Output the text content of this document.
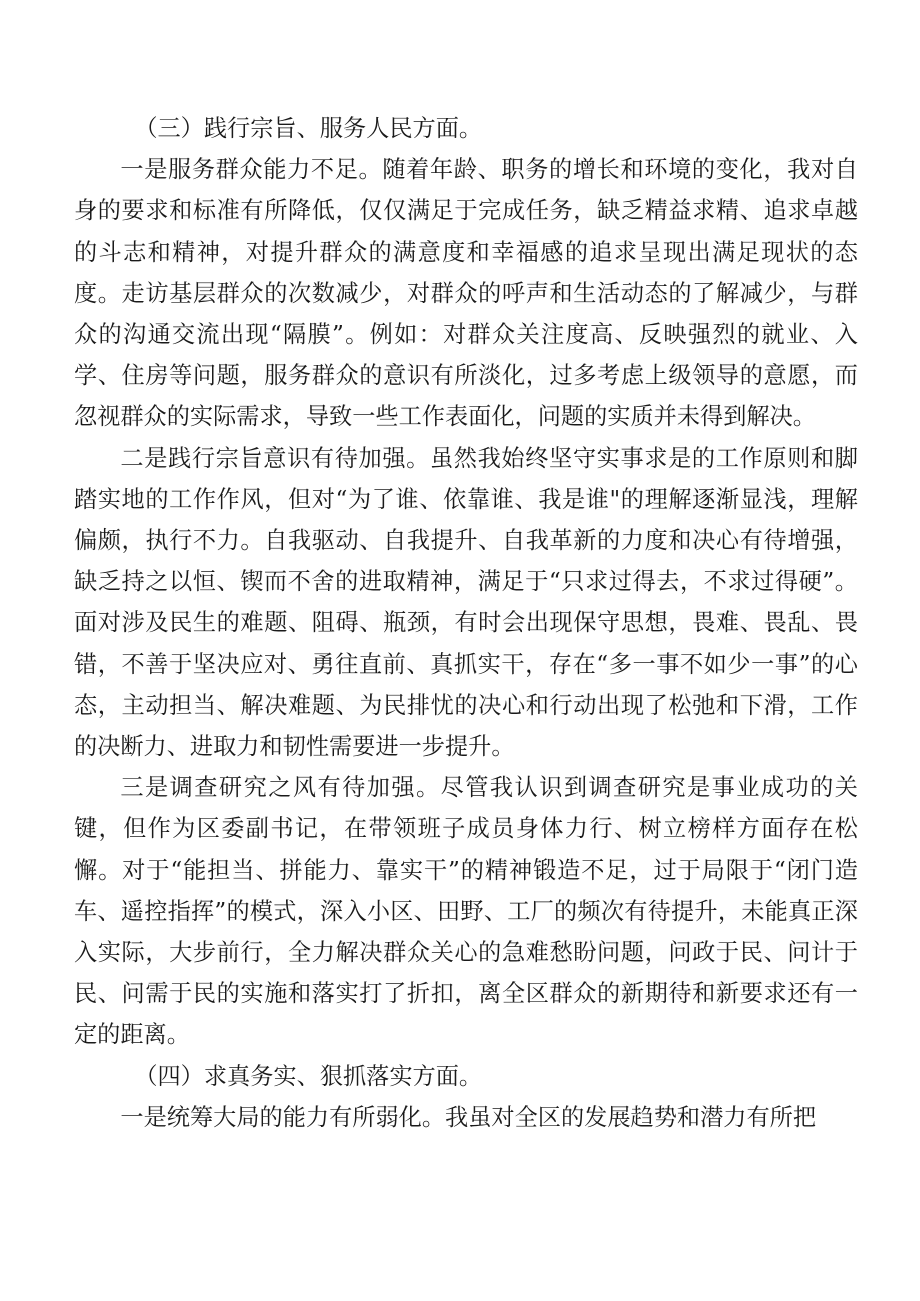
（三）践行宗旨、服务人民方面。

一是服务群众能力不足。随着年龄、职务的增长和环境的变化，我对自身的要求和标准有所降低，仅仅满足于完成任务，缺乏精益求精、追求卓越的斗志和精神，对提升群众的满意度和幸福感的追求呈现出满足现状的态度。走访基层群众的次数减少，对群众的呼声和生活动态的了解减少，与群众的沟通交流出现“隔膜”。例如：对群众关注度高、反映强烈的就业、入学、住房等问题，服务群众的意识有所淡化，过多考虑上级领导的意愿，而忽视群众的实际需求，导致一些工作表面化，问题的实质并未得到解决。

二是践行宗旨意识有待加强。虽然我始终坚守实事求是的工作原则和脚踏实地的工作作风，但对“为了谁、依靠谁、我是谁"的理解逐渐显浅，理解偏颇，执行不力。自我驱动、自我提升、自我革新的力度和决心有待增强，缺乏持之以恒、锲而不舍的进取精神，满足于“只求过得去，不求过得硬”。面对涉及民生的难题、阻碍、瓶颈，有时会出现保守思想，畏难、畏乱、畏错，不善于坚决应对、勇往直前、真抓实干，存在“多一事不如少一事”的心态，主动担当、解决难题、为民排忧的决心和行动出现了松弛和下滑，工作的决断力、进取力和韧性需要进一步提升。

三是调查研究之风有待加强。尽管我认识到调查研究是事业成功的关键，但作为区委副书记，在带领班子成员身体力行、树立榜样方面存在松懈。对于“能担当、拼能力、靠实干”的精神锻造不足，过于局限于“闭门造车、遥控指挥”的模式，深入小区、田野、工厂的频次有待提升，未能真正深入实际，大步前行，全力解决群众关心的急难愁盼问题，问政于民、问计于民、问需于民的实施和落实打了折扣，离全区群众的新期待和新要求还有一定的距离。

（四）求真务实、狠抓落实方面。

一是统筹大局的能力有所弱化。我虽对全区的发展趋势和潜力有所把
